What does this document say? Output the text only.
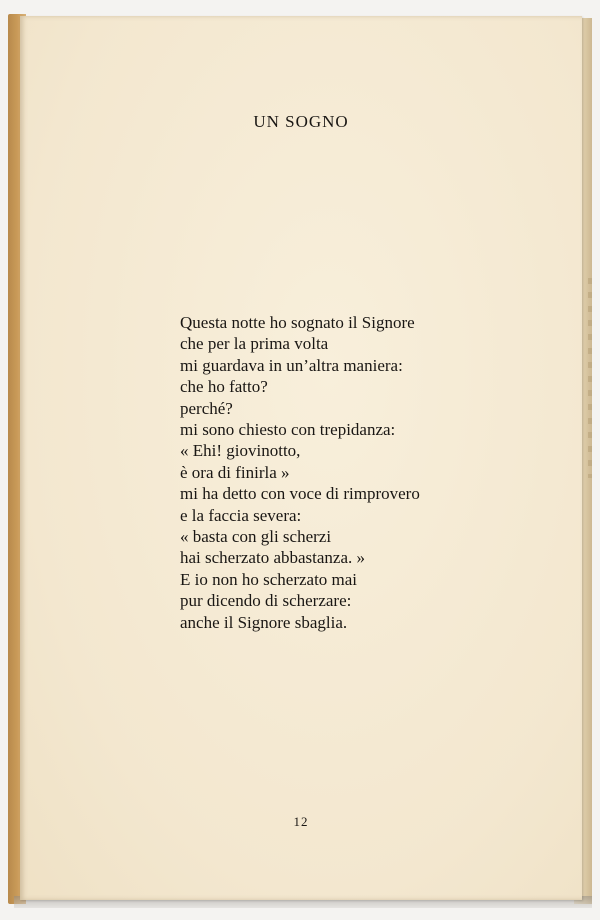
UN SOGNO
Questa notte ho sognato il Signore
che per la prima volta
mi guardava in un’altra maniera:
che ho fatto?
perché?
mi sono chiesto con trepidanza:
« Ehi! giovinotto,
è ora di finirla »
mi ha detto con voce di rimprovero
e la faccia severa:
« basta con gli scherzi
hai scherzato abbastanza. »
E io non ho scherzato mai
pur dicendo di scherzare:
anche il Signore sbaglia.
12
